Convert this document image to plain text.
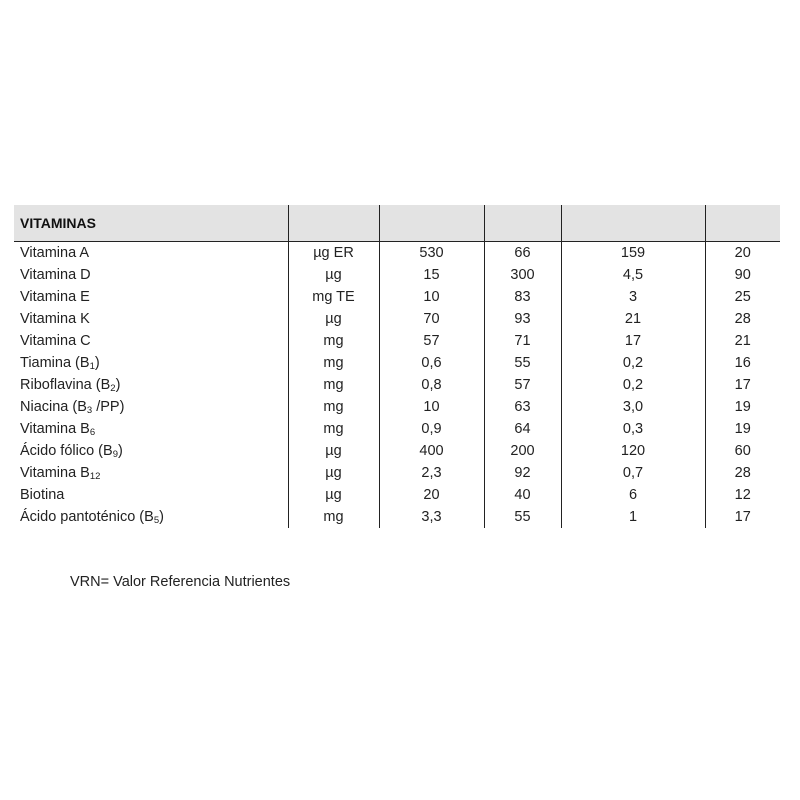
VITAMINAS					
Vitamina A	µg ER	530	66	159	20
Vitamina D	µg	15	300	4,5	90
Vitamina E	mg TE	10	83	3	25
Vitamina K	µg	70	93	21	28
Vitamina C	mg	57	71	17	21
Tiamina $(B_1)$	mg	0,6	55	0,2	16
Riboflavina $(B_2)$	mg	0,8	57	0,2	17
Niacina ($B_3$ /PP)	mg	10	63	3,0	19
Vitamina $B_6$	mg	0,9	64	0,3	19
Ácido fólico $(B_9)$	µg	400	200	120	60
Vitamina $B_{12}$	µg	2,3	92	0,7	28
Biotina	µg	20	40	6	12
Ácido pantoténico $(B_5)$	mg	3,3	55	1	17
VRN= Valor Referencia Nutrientes
